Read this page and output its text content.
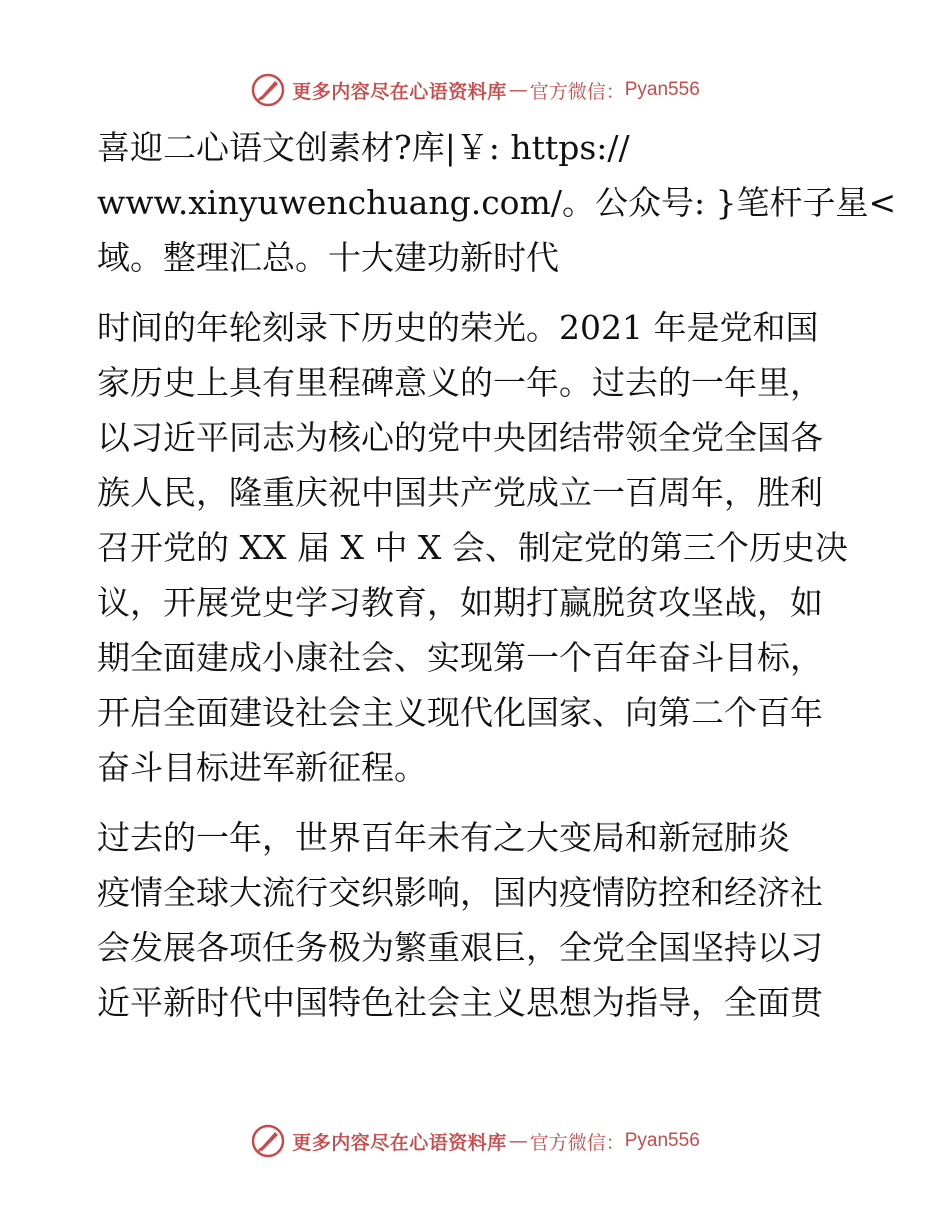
更多内容尽在心语资料库 — 官方微信： Pyan556

喜迎二心语文创素材?库|￥: https://
www.xinyuwenchuang.com/。公众号: }笔杆子星<
域。整理汇总。十大建功新时代

时间的年轮刻录下历史的荣光。2021 年是党和国
家历史上具有里程碑意义的一年。过去的一年里，
以习近平同志为核心的党中央团结带领全党全国各
族人民，隆重庆祝中国共产党成立一百周年，胜利
召开党的 XX 届 X 中 X 会、制定党的第三个历史决
议，开展党史学习教育，如期打赢脱贫攻坚战，如
期全面建成小康社会、实现第一个百年奋斗目标，
开启全面建设社会主义现代化国家、向第二个百年
奋斗目标进军新征程。

过去的一年，世界百年未有之大变局和新冠肺炎
疫情全球大流行交织影响，国内疫情防控和经济社
会发展各项任务极为繁重艰巨，全党全国坚持以习
近平新时代中国特色社会主义思想为指导，全面贯

更多内容尽在心语资料库 — 官方微信： Pyan556
